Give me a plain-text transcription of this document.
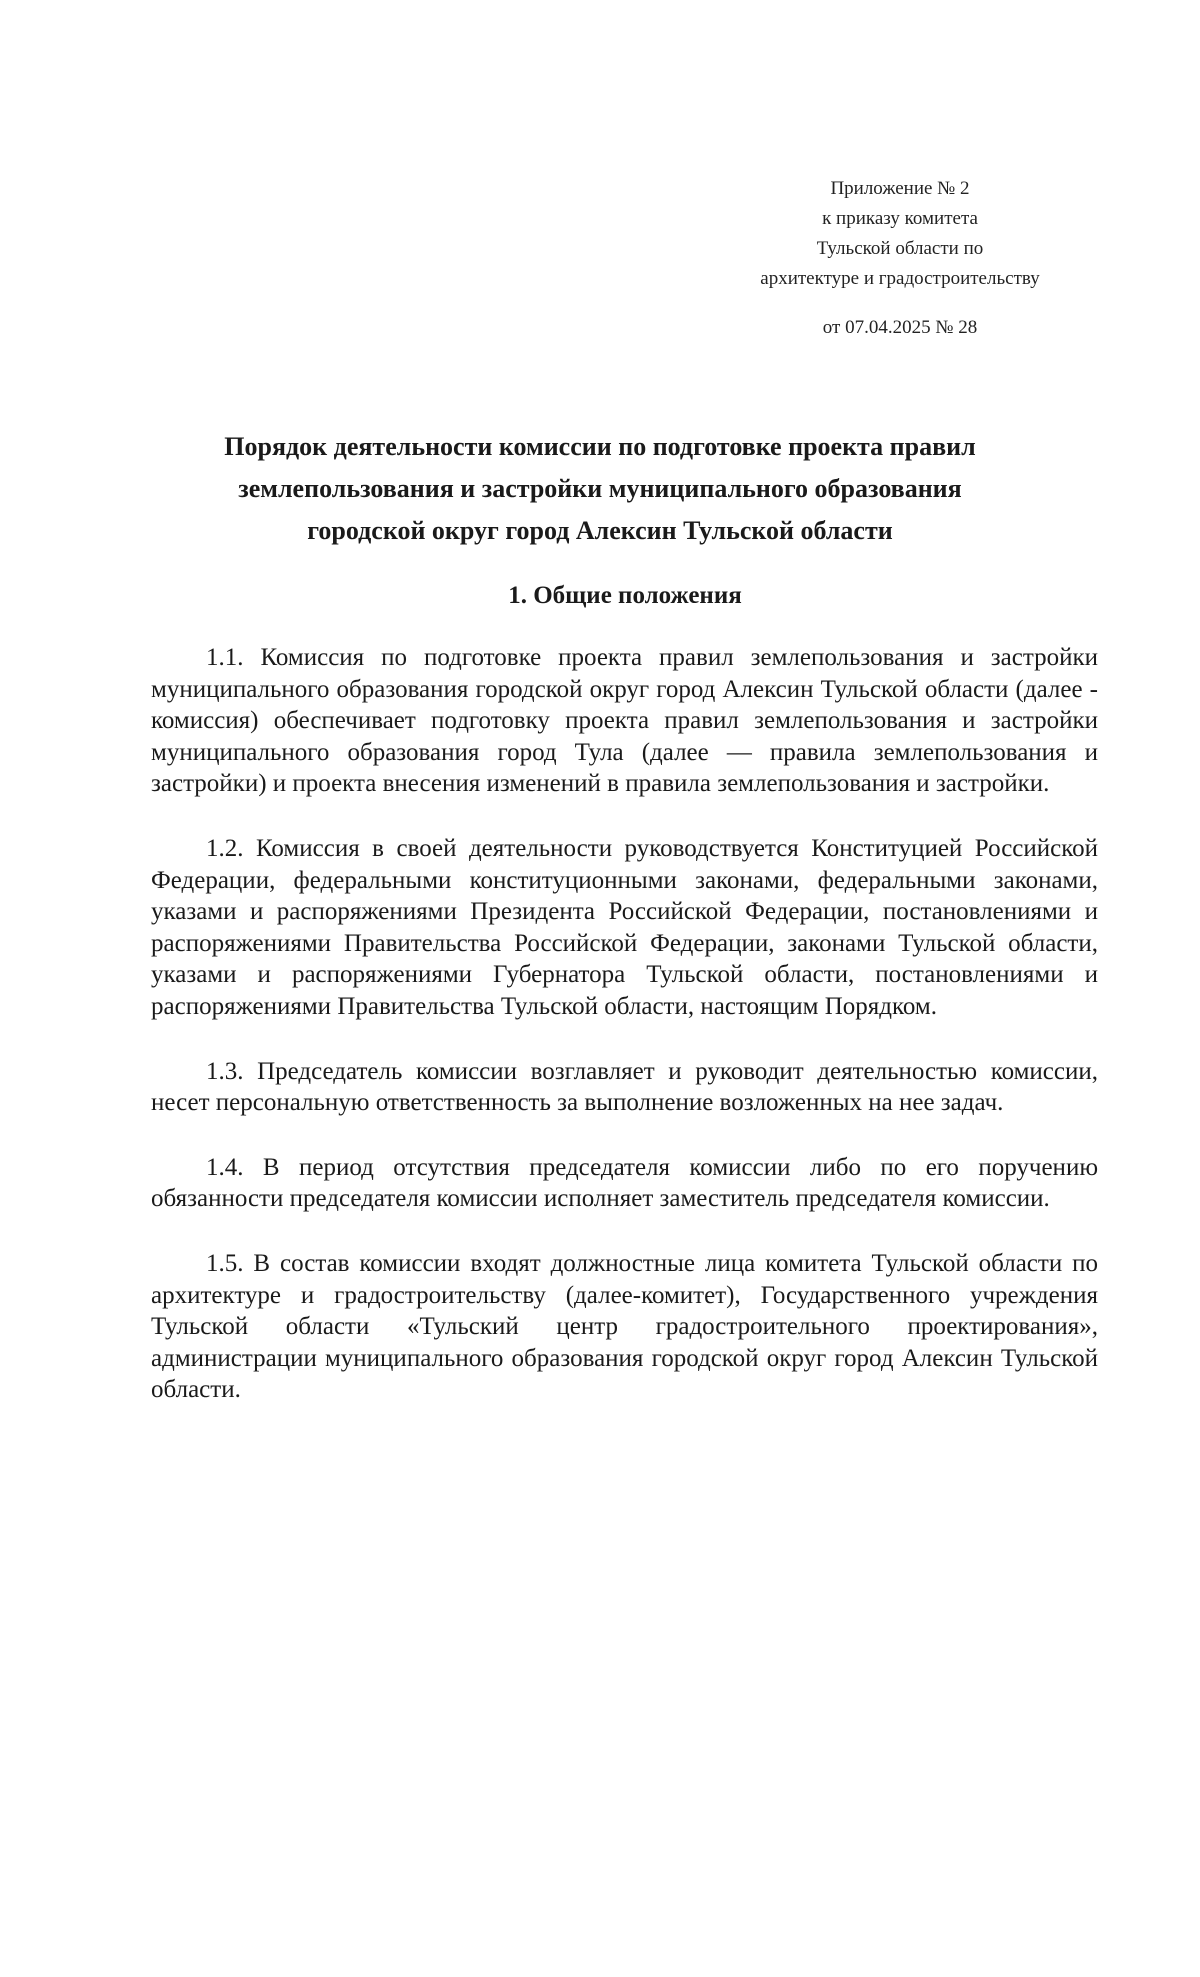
Приложение № 2
к приказу комитета
Тульской области по
архитектуре и градостроительству
от 07.04.2025 № 28
Порядок деятельности комиссии по подготовке проекта правил
землепользования и застройки муниципального образования
городской округ город Алексин Тульской области
1. Общие положения

1.1. Комиссия по подготовке проекта правил землепользования и застройки муниципального образования городской округ город Алексин Тульской области (далее - комиссия) обеспечивает подготовку проекта правил землепользования и застройки муниципального образования город Тула (далее — правила землепользования и застройки) и проекта внесения изменений в правила землепользования и застройки.

1.2. Комиссия в своей деятельности руководствуется Конституцией Российской Федерации, федеральными конституционными законами, федеральными законами, указами и распоряжениями Президента Российской Федерации, постановлениями и распоряжениями Правительства Российской Федерации, законами Тульской области, указами и распоряжениями Губернатора Тульской области, постановлениями и распоряжениями Правительства Тульской области, настоящим Порядком.

1.3. Председатель комиссии возглавляет и руководит деятельностью комиссии, несет персональную ответственность за выполнение возложенных на нее задач.

1.4. В период отсутствия председателя комиссии либо по его поручению обязанности председателя комиссии исполняет заместитель председателя комиссии.

1.5. В состав комиссии входят должностные лица комитета Тульской области по архитектуре и градостроительству (далее-комитет), Государственного учреждения Тульской области «Тульский центр градостроительного проектирования», администрации муниципального образования городской округ город Алексин Тульской области.
